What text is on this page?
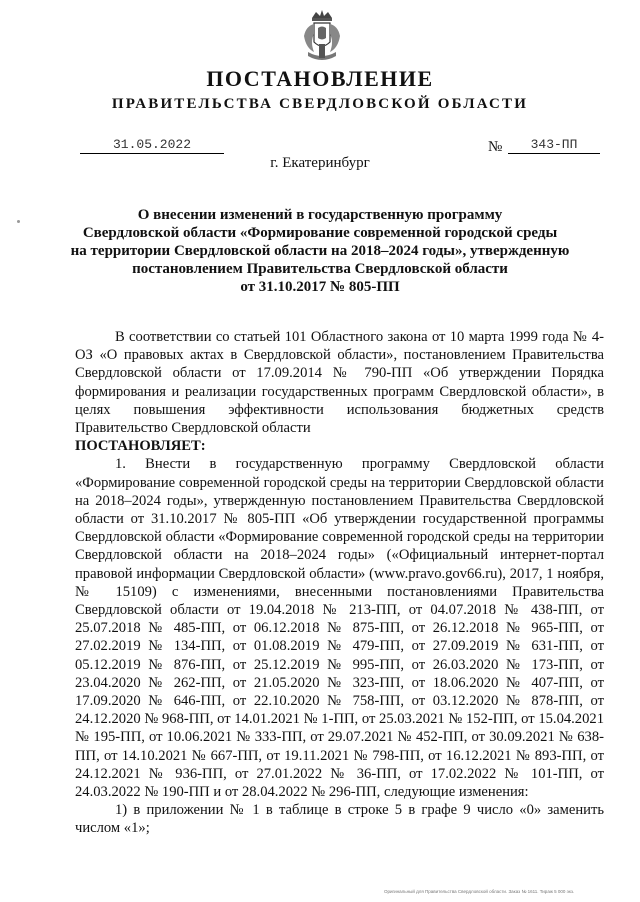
ПОСТАНОВЛЕНИЕ
ПРАВИТЕЛЬСТВА СВЕРДЛОВСКОЙ ОБЛАСТИ
31.05.2022	№	343-ПП
г. Екатеринбург
О внесении изменений в государственную программу
Свердловской области «Формирование современной городской среды
на территории Свердловской области на 2018–2024 годы», утвержденную
постановлением Правительства Свердловской области
от 31.10.2017 № 805-ПП

В соответствии со статьей 101 Областного закона от 10 марта 1999 года № 4-ОЗ «О правовых актах в Свердловской области», постановлением Правительства Свердловской области от 17.09.2014 № 790-ПП «Об утверждении Порядка формирования и реализации государственных программ Свердловской области», в целях повышения эффективности использования бюджетных средств Правительство Свердловской области

ПОСТАНОВЛЯЕТ:

1. Внести в государственную программу Свердловской области «Формирование современной городской среды на территории Свердловской области на 2018–2024 годы», утвержденную постановлением Правительства Свердловской области от 31.10.2017 № 805-ПП «Об утверждении государственной программы Свердловской области «Формирование современной городской среды на территории Свердловской области на 2018–2024 годы» («Официальный интернет-портал правовой информации Свердловской области» (www.pravo.gov66.ru), 2017, 1 ноября, № 15109) с изменениями, внесенными постановлениями Правительства Свердловской области от 19.04.2018 № 213-ПП, от 04.07.2018 № 438-ПП, от 25.07.2018 № 485-ПП, от 06.12.2018 № 875-ПП, от 26.12.2018 № 965-ПП, от 27.02.2019 № 134-ПП, от 01.08.2019 № 479-ПП, от 27.09.2019 № 631-ПП, от 05.12.2019 № 876-ПП, от 25.12.2019 № 995-ПП, от 26.03.2020 № 173-ПП, от 23.04.2020 № 262-ПП, от 21.05.2020 № 323-ПП, от 18.06.2020 № 407-ПП, от 17.09.2020 № 646-ПП, от 22.10.2020 № 758-ПП, от 03.12.2020 № 878-ПП, от 24.12.2020 № 968-ПП, от 14.01.2021 № 1-ПП, от 25.03.2021 № 152-ПП, от 15.04.2021 № 195-ПП, от 10.06.2021 № 333-ПП, от 29.07.2021 № 452-ПП, от 30.09.2021 № 638-ПП, от 14.10.2021 № 667-ПП, от 19.11.2021 № 798-ПП, от 16.12.2021 № 893-ПП, от 24.12.2021 № 936-ПП, от 27.01.2022 № 36-ПП, от 17.02.2022 № 101-ПП, от 24.03.2022 № 190-ПП и от 28.04.2022 № 296-ПП, следующие изменения:

1) в приложении № 1 в таблице в строке 5 в графе 9 число «0» заменить числом «1»;

Оригинальный для Правительства Свердловской области. Заказ № 1611. Тираж 5 000 экз.
